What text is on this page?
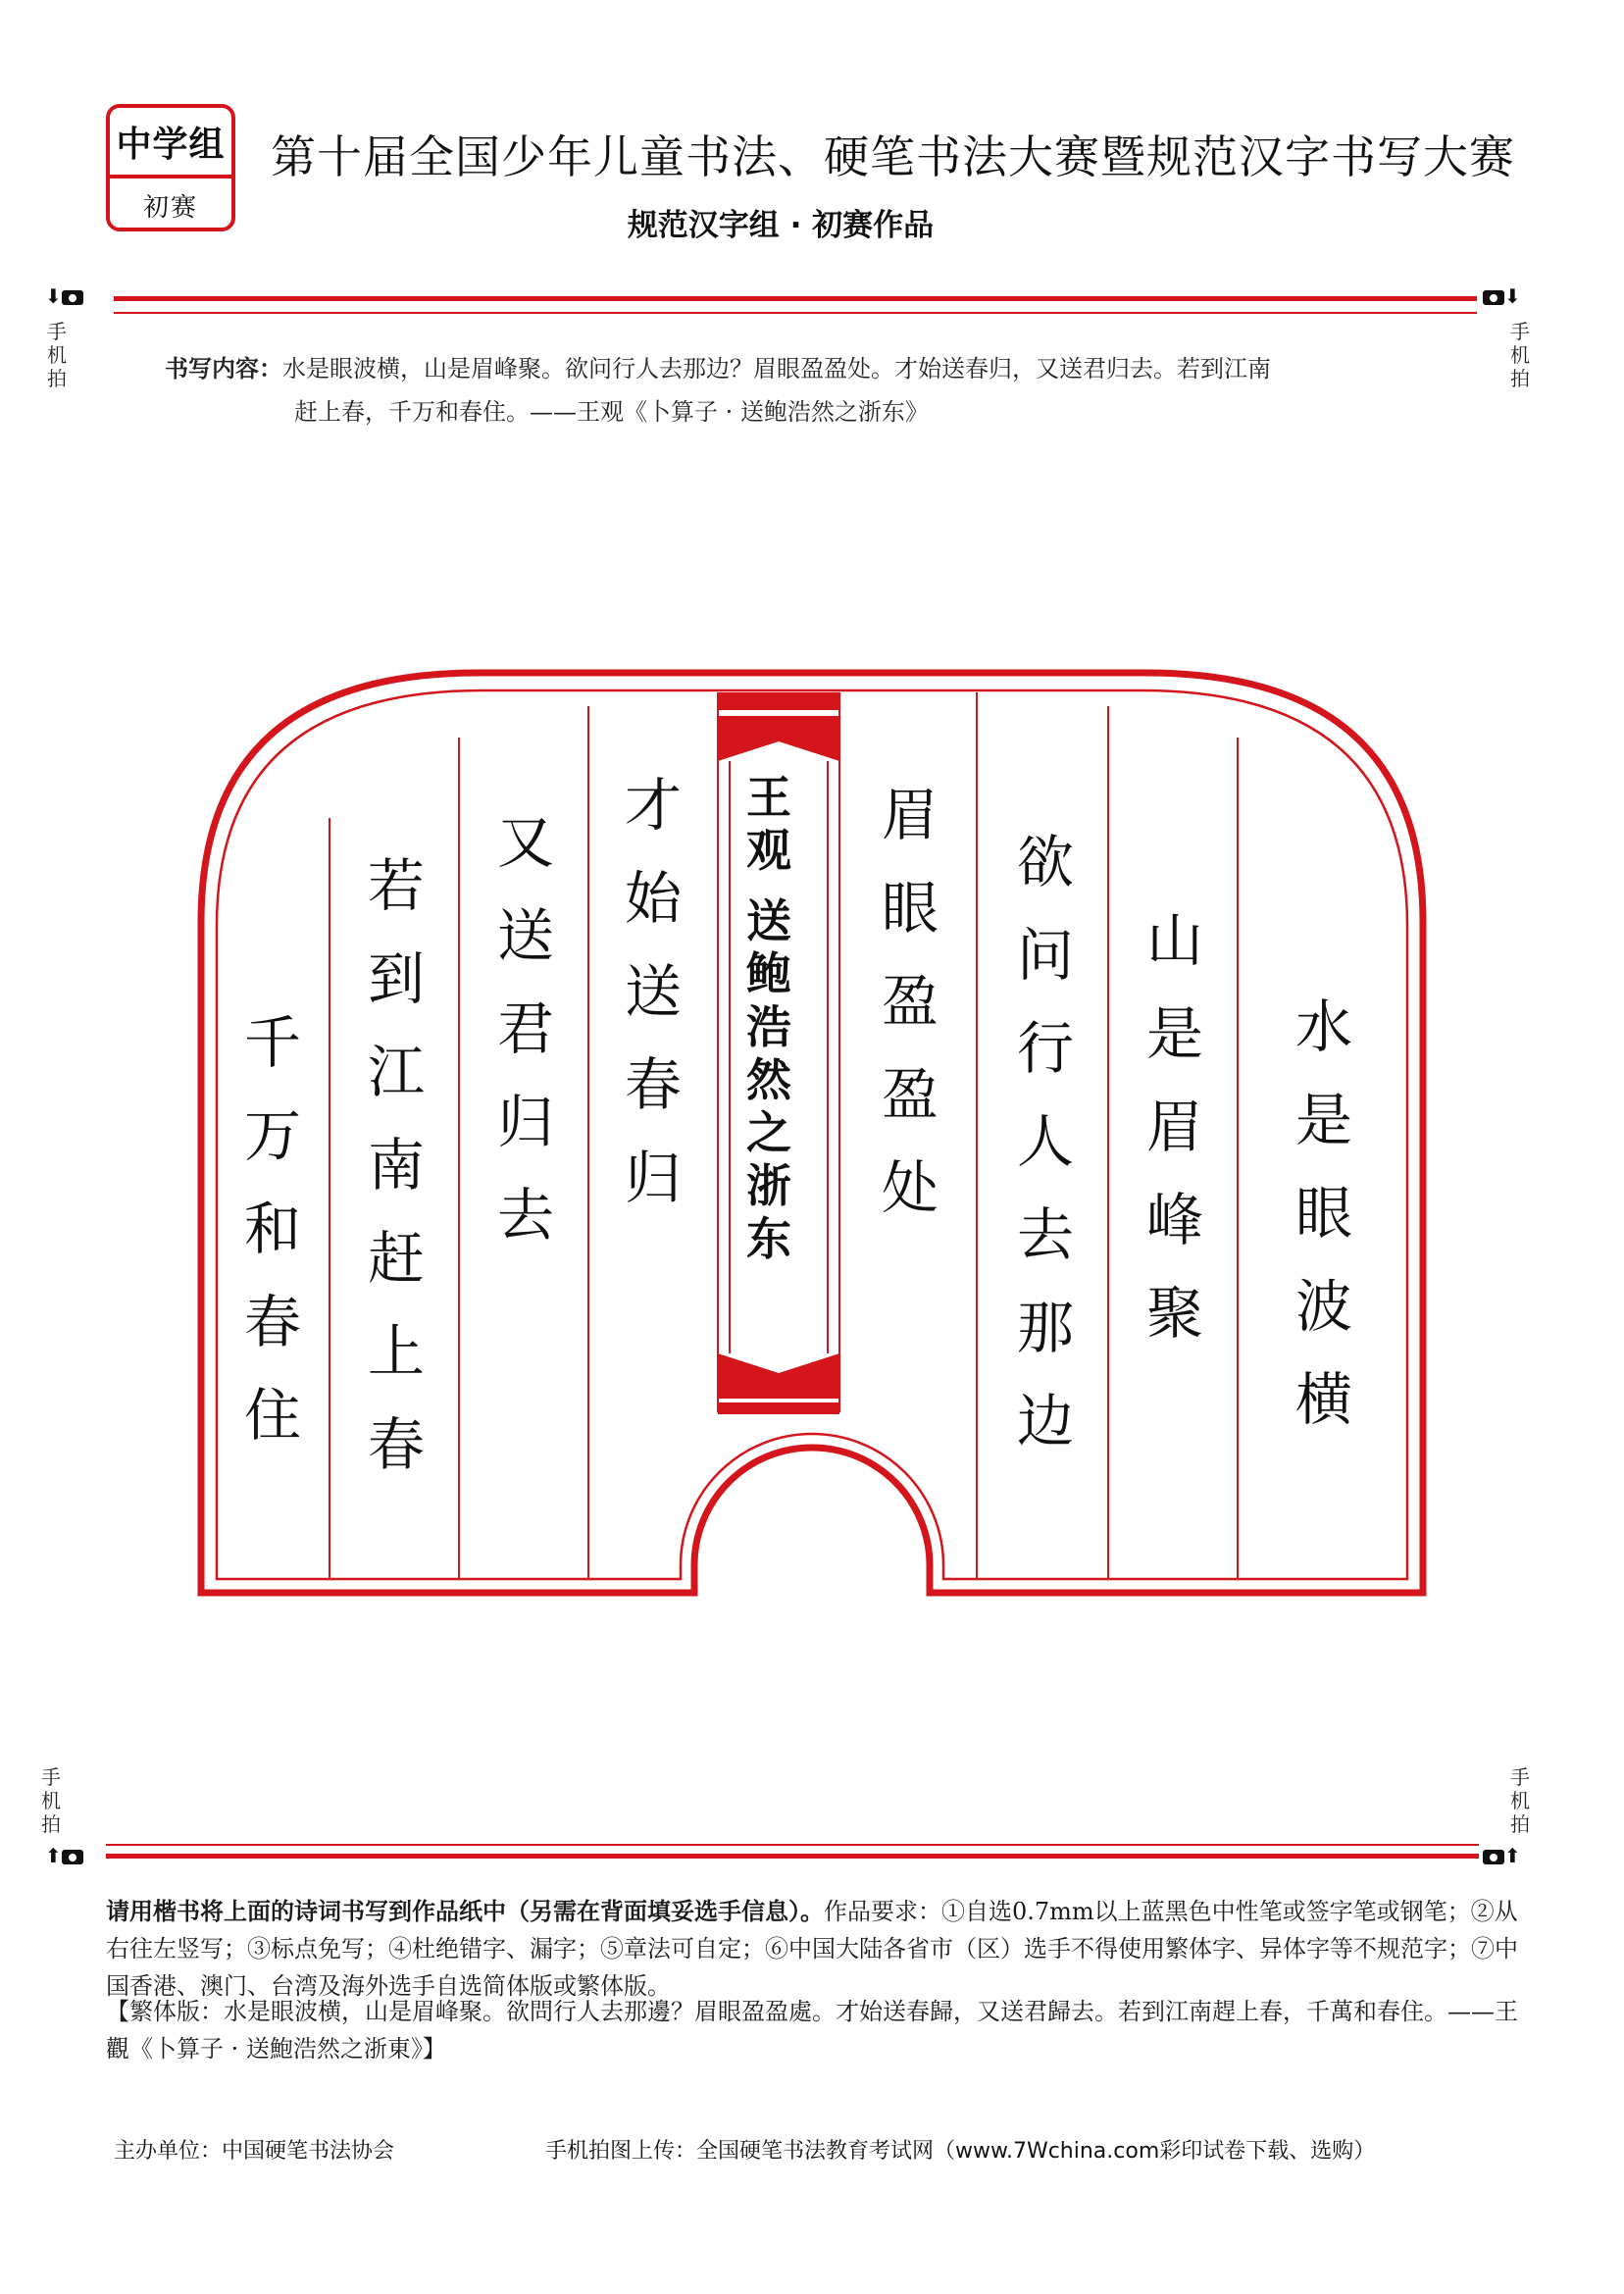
中学组
初赛
第十届全国少年儿童书法、硬笔书法大赛暨规范汉字书写大赛
规范汉字组 · 初赛作品
⬇	⬇
手
机
拍
手
机
拍
书写内容：水是眼波横，山是眉峰聚。欲问行人去那边？眉眼盈盈处。才始送春归，又送君归去。若到江南
赶上春，千万和春住。——王观《卜算子 · 送鲍浩然之浙东》
水
是
眼
波
横
山
是
眉
峰
聚
欲
问
行
人
去
那
边
眉
眼
盈
盈
处
才
始
送
春
归
又
送
君
归
去
若
到
江
南
赶
上
春
千
万
和
春
住
王
观
送
鲍
浩
然
之
浙
东
手
机
拍
手
机
拍
⬆	⬆
请用楷书将上面的诗词书写到作品纸中（另需在背面填妥选手信息）。作品要求：①自选0.7mm以上蓝黑色中性笔或签字笔或钢笔；②从右往左竖写；③标点免写；④杜绝错字、漏字；⑤章法可自定；⑥中国大陆各省市（区）选手不得使用繁体字、异体字等不规范字；⑦中国香港、澳门、台湾及海外选手自选简体版或繁体版。
【繁体版：水是眼波横，山是眉峰聚。欲問行人去那邊？眉眼盈盈處。才始送春歸，又送君歸去。若到江南趕上春，千萬和春住。——王觀《卜算子 · 送鮑浩然之浙東》】
主办单位：中国硬笔书法协会	手机拍图上传：全国硬笔书法教育考试网（www.7Wchina.com彩印试卷下载、选购）
